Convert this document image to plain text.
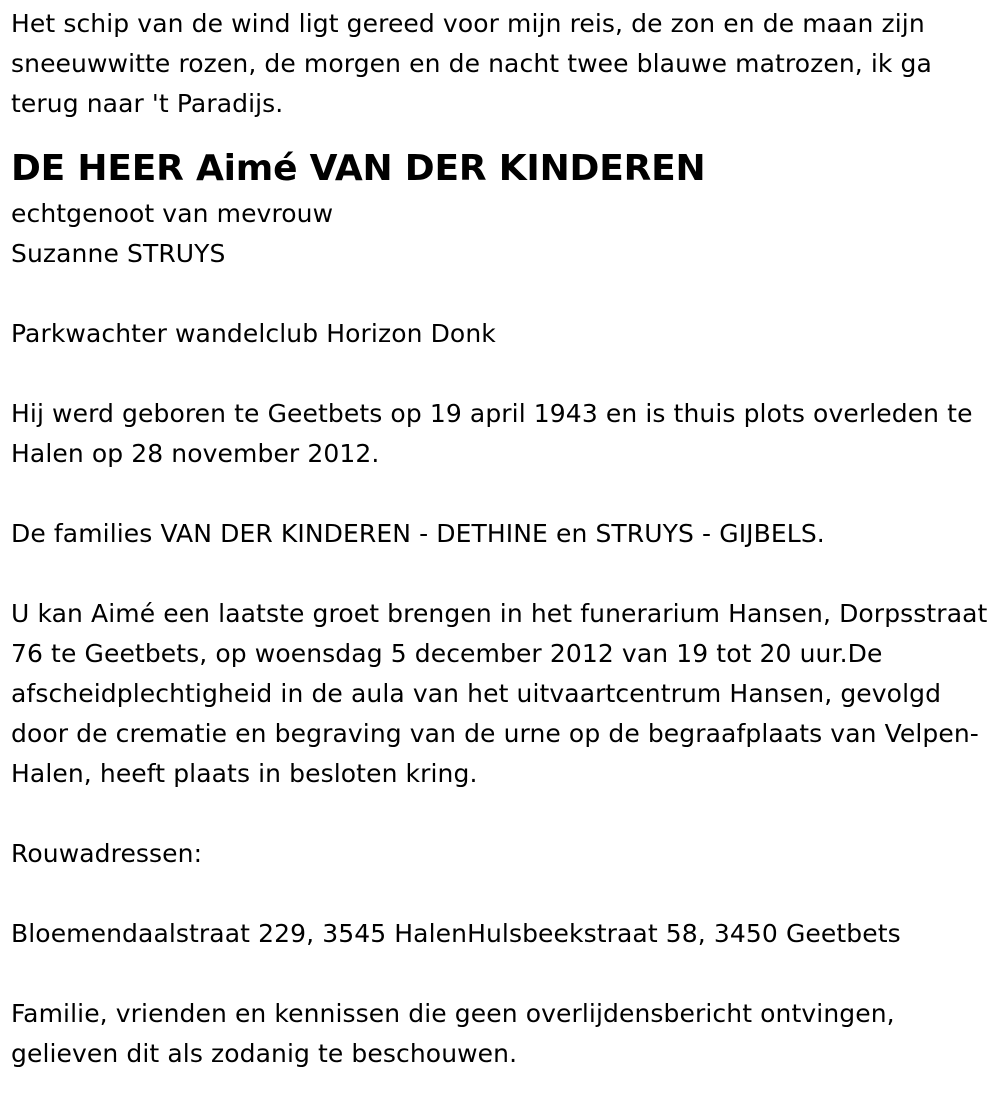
Het schip van de wind ligt gereed voor mijn reis, de zon en de maan zijn sneeuwwitte rozen, de morgen en de nacht twee blauwe matrozen, ik ga terug naar 't Paradijs.

DE HEER Aimé VAN DER KINDEREN

echtgenoot van mevrouw
Suzanne STRUYS

Parkwachter wandelclub Horizon Donk

Hij werd geboren te Geetbets op 19 april 1943 en is thuis plots overleden te Halen op 28 november 2012.

De families VAN DER KINDEREN - DETHINE en STRUYS - GIJBELS.

U kan Aimé een laatste groet brengen in het funerarium Hansen, Dorpsstraat 76 te Geetbets, op woensdag 5 december 2012 van 19 tot 20 uur.De afscheidplechtigheid in de aula van het uitvaartcentrum Hansen, gevolgd door de crematie en begraving van de urne op de begraafplaats van Velpen-Halen, heeft plaats in besloten kring.

Rouwadressen:

Bloemendaalstraat 229, 3545 HalenHulsbeekstraat 58, 3450 Geetbets

Familie, vrienden en kennissen die geen overlijdensbericht ontvingen, gelieven dit als zodanig te beschouwen.
